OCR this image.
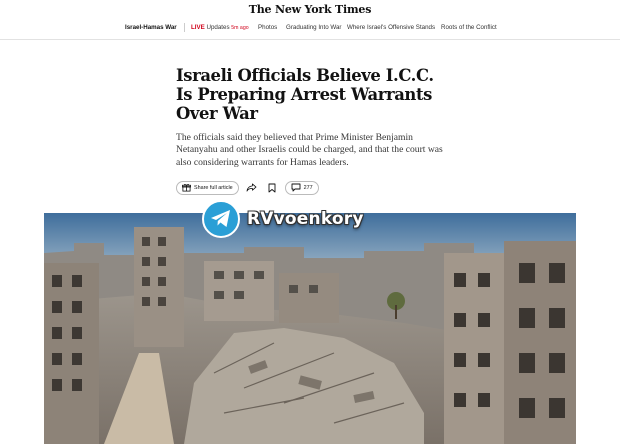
The New York Times
Israel-Hamas War LIVE Updates 5m ago Photos Graduating Into War Where Israel's Offensive Stands Roots of the Conflict
Israeli Officials Believe I.C.C. Is Preparing Arrest Warrants Over War

The officials said they believed that Prime Minister Benjamin Netanyahu and other Israelis could be charged, and that the court was also considering warrants for Hamas leaders.

Share full article	277
RVvoenkory
